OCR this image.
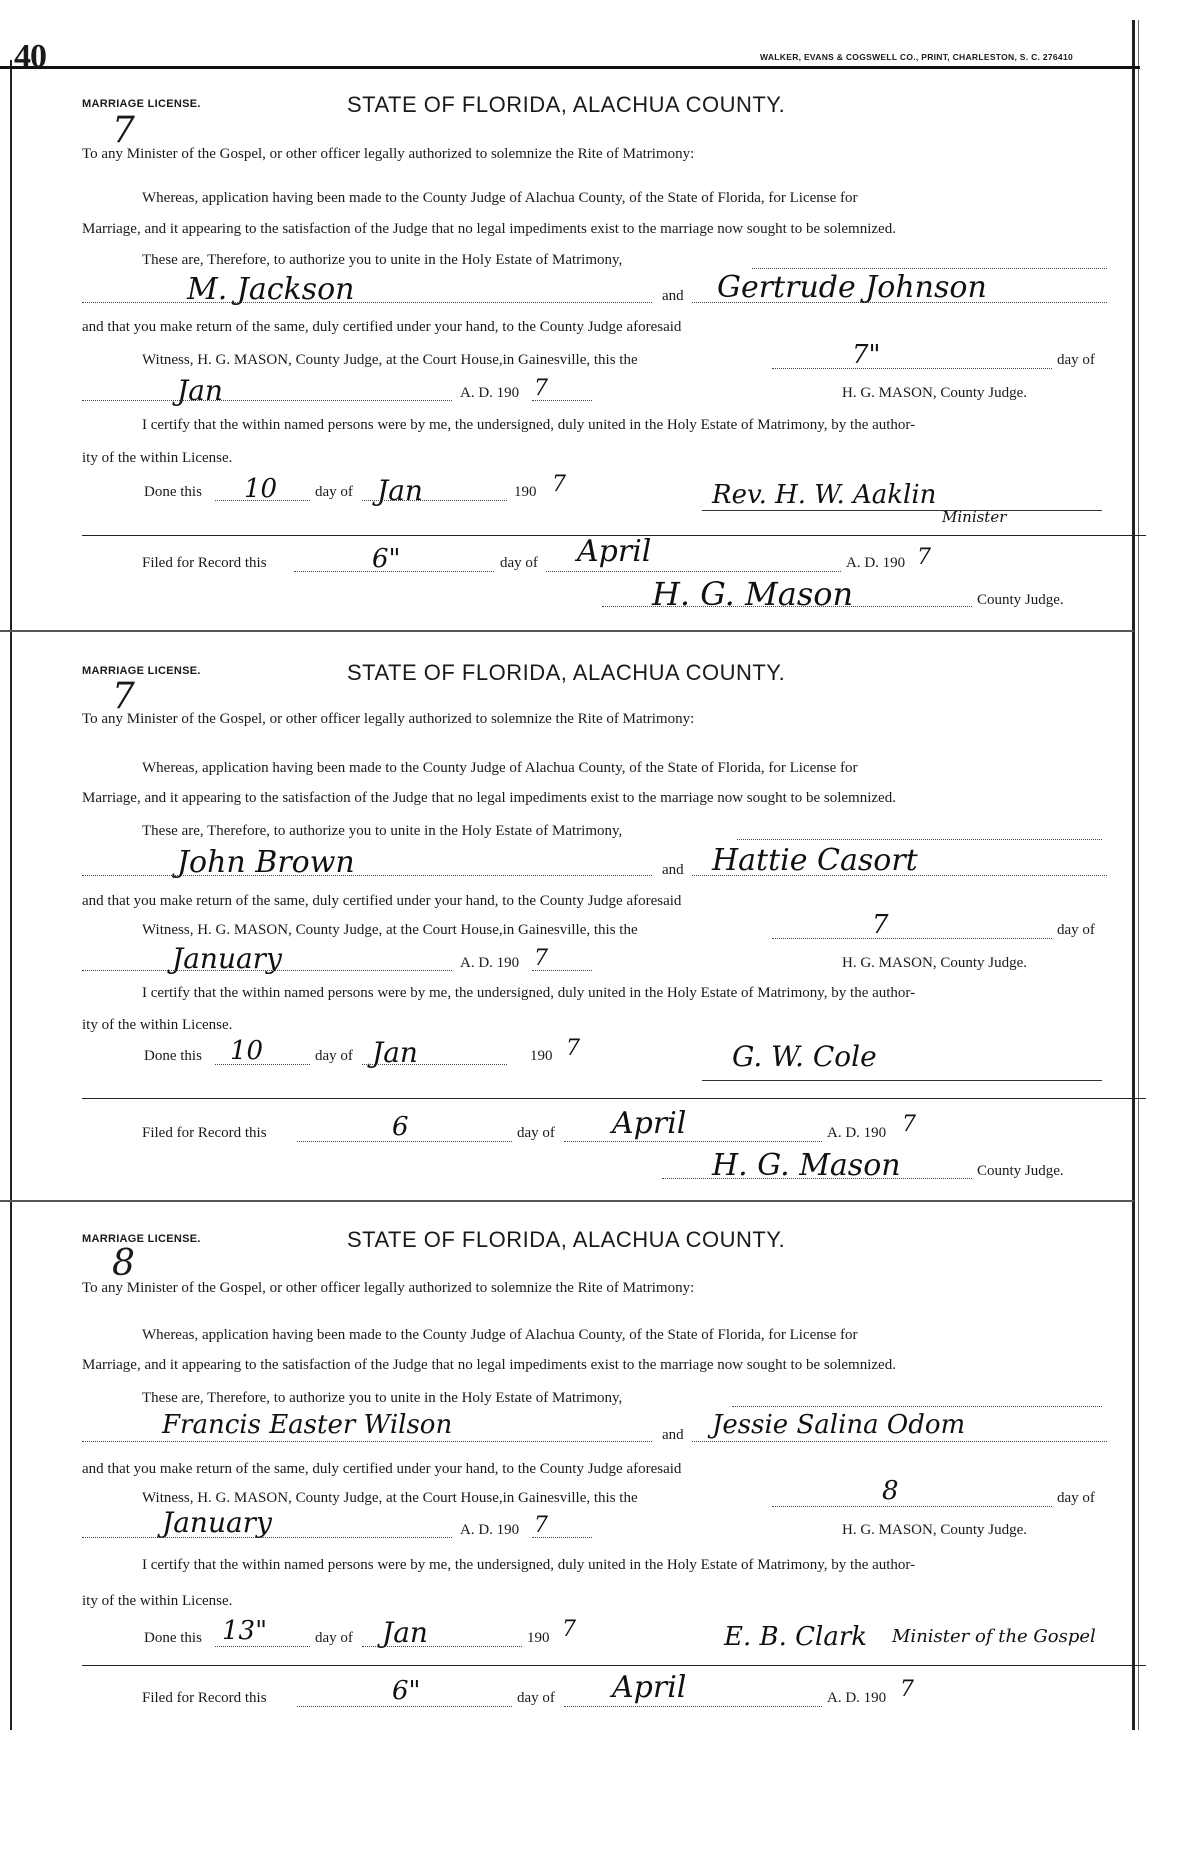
40	WALKER, EVANS & COGSWELL CO., PRINT, CHARLESTON, S. C. 276410
MARRIAGE LICENSE.	STATE OF FLORIDA, ALACHUA COUNTY.
7
To any Minister of the Gospel, or other officer legally authorized to solemnize the Rite of Matrimony:
Whereas, application having been made to the County Judge of Alachua County, of the State of Florida, for License for
Marriage, and it appearing to the satisfaction of the Judge that no legal impediments exist to the marriage now sought to be solemnized.
These are, Therefore, to authorize you to unite in the Holy Estate of Matrimony,
M. Jackson	and Gertrude Johnson
and that you make return of the same, duly certified under your hand, to the County Judge aforesaid
Witness, H. G. MASON, County Judge, at the Court House,in Gainesville, this the	7"	day of
Jan	A. D. 190 7	H. G. MASON, County Judge.
I certify that the within named persons were by me, the undersigned, duly united in the Holy Estate of Matrimony, by the author-
ity of the within License.
Done this 10	day of Jan	190 7	Rev. H. W. Aaklin
Minister
Filed for Record this	6"	day of April	A. D. 190 7
H. G. Mason	County Judge.
MARRIAGE LICENSE.	STATE OF FLORIDA, ALACHUA COUNTY.
7
To any Minister of the Gospel, or other officer legally authorized to solemnize the Rite of Matrimony:
Whereas, application having been made to the County Judge of Alachua County, of the State of Florida, for License for
Marriage, and it appearing to the satisfaction of the Judge that no legal impediments exist to the marriage now sought to be solemnized.
These are, Therefore, to authorize you to unite in the Holy Estate of Matrimony,
John Brown	and Hattie Casort
and that you make return of the same, duly certified under your hand, to the County Judge aforesaid
Witness, H. G. MASON, County Judge, at the Court House,in Gainesville, this the	7	day of
January	A. D. 190 7	H. G. MASON, County Judge.
I certify that the within named persons were by me, the undersigned, duly united in the Holy Estate of Matrimony, by the author-
ity of the within License.
Done this 10	day of Jan	190 7	G. W. Cole
Filed for Record this	6	day of April	A. D. 190 7
H. G. Mason	County Judge.
MARRIAGE LICENSE.	STATE OF FLORIDA, ALACHUA COUNTY.
8
To any Minister of the Gospel, or other officer legally authorized to solemnize the Rite of Matrimony:
Whereas, application having been made to the County Judge of Alachua County, of the State of Florida, for License for
Marriage, and it appearing to the satisfaction of the Judge that no legal impediments exist to the marriage now sought to be solemnized.
These are, Therefore, to authorize you to unite in the Holy Estate of Matrimony,
Francis Easter Wilson	and Jessie Salina Odom
and that you make return of the same, duly certified under your hand, to the County Judge aforesaid
Witness, H. G. MASON, County Judge, at the Court House,in Gainesville, this the	8	day of
January	A. D. 190 7	H. G. MASON, County Judge.
I certify that the within named persons were by me, the undersigned, duly united in the Holy Estate of Matrimony, by the author-
ity of the within License.
Done this 13"	day of Jan	190 7	E. B. Clark Minister of the Gospel
Filed for Record this	6"	day of April	A. D. 190 7
